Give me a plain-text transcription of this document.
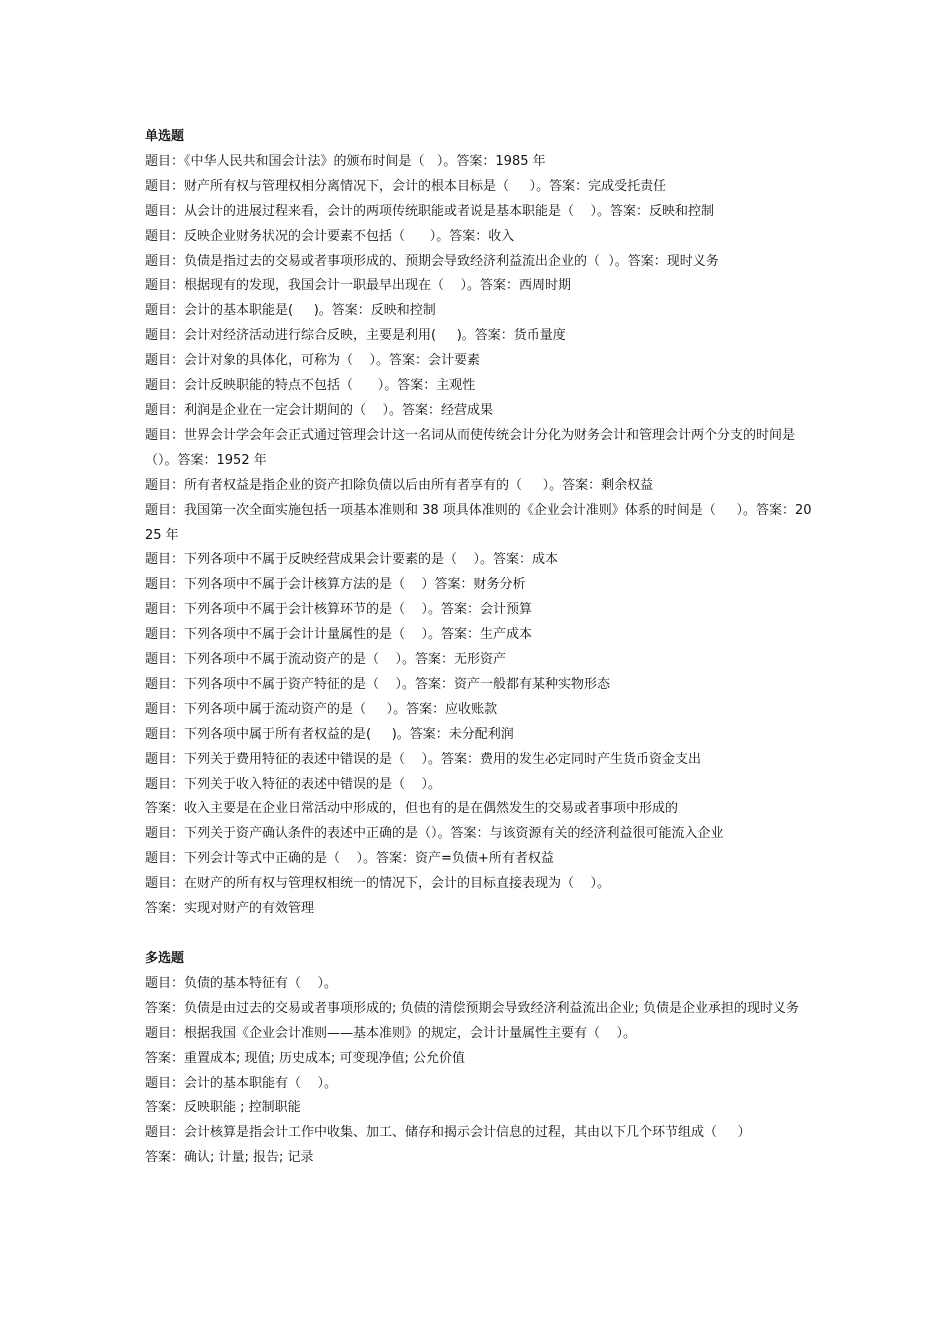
单选题

题目：《中华人民共和国会计法》的颁布时间是（   ）。答案：1985 年

题目：财产所有权与管理权相分离情况下，会计的根本目标是（     ）。答案：完成受托责任

题目：从会计的进展过程来看，会计的两项传统职能或者说是基本职能是（    ）。答案：反映和控制

题目：反映企业财务状况的会计要素不包括（      ）。答案：收入

题目：负债是指过去的交易或者事项形成的、预期会导致经济利益流出企业的（  ）。答案：现时义务

题目：根据现有的发现，我国会计一职最早出现在（    ）。答案：西周时期

题目：会计的基本职能是(     )。答案：反映和控制

题目：会计对经济活动进行综合反映，主要是利用(     )。答案：货币量度

题目：会计对象的具体化，可称为（    ）。答案：会计要素

题目：会计反映职能的特点不包括（      ）。答案：主观性

题目：利润是企业在一定会计期间的（    ）。答案：经营成果

题目：世界会计学会年会正式通过管理会计这一名词从而使传统会计分化为财务会计和管理会计两个分支的时间是（）。答案：1952 年

题目：所有者权益是指企业的资产扣除负债以后由所有者享有的（     ）。答案：剩余权益

题目：我国第一次全面实施包括一项基本准则和 38 项具体准则的《企业会计准则》体系的时间是（     ）。答案：2025 年

题目：下列各项中不属于反映经营成果会计要素的是（    ）。答案：成本

题目：下列各项中不属于会计核算方法的是（    ）答案：财务分析

题目：下列各项中不属于会计核算环节的是（    ）。答案：会计预算

题目：下列各项中不属于会计计量属性的是（    ）。答案：生产成本

题目：下列各项中不属于流动资产的是（    ）。答案：无形资产

题目：下列各项中不属于资产特征的是（    ）。答案：资产一般都有某种实物形态

题目：下列各项中属于流动资产的是（     ）。答案：应收账款

题目：下列各项中属于所有者权益的是(     )。答案：未分配利润

题目：下列关于费用特征的表述中错误的是（    ）。答案：费用的发生必定同时产生货币资金支出

题目：下列关于收入特征的表述中错误的是（    ）。

答案：收入主要是在企业日常活动中形成的，但也有的是在偶然发生的交易或者事项中形成的

题目：下列关于资产确认条件的表述中正确的是（）。答案：与该资源有关的经济利益很可能流入企业

题目：下列会计等式中正确的是（    ）。答案：资产=负债+所有者权益

题目：在财产的所有权与管理权相统一的情况下，会计的目标直接表现为（    ）。

答案：实现对财产的有效管理

多选题

题目：负债的基本特征有（    ）。

答案：负债是由过去的交易或者事项形成的; 负债的清偿预期会导致经济利益流出企业; 负债是企业承担的现时义务

题目：根据我国《企业会计准则——基本准则》的规定，会计计量属性主要有（    ）。

答案：重置成本; 现值; 历史成本; 可变现净值; 公允价值

题目：会计的基本职能有（    ）。

答案：反映职能 ; 控制职能

题目：会计核算是指会计工作中收集、加工、储存和揭示会计信息的过程，其由以下几个环节组成（     ）

答案：确认; 计量; 报告; 记录
